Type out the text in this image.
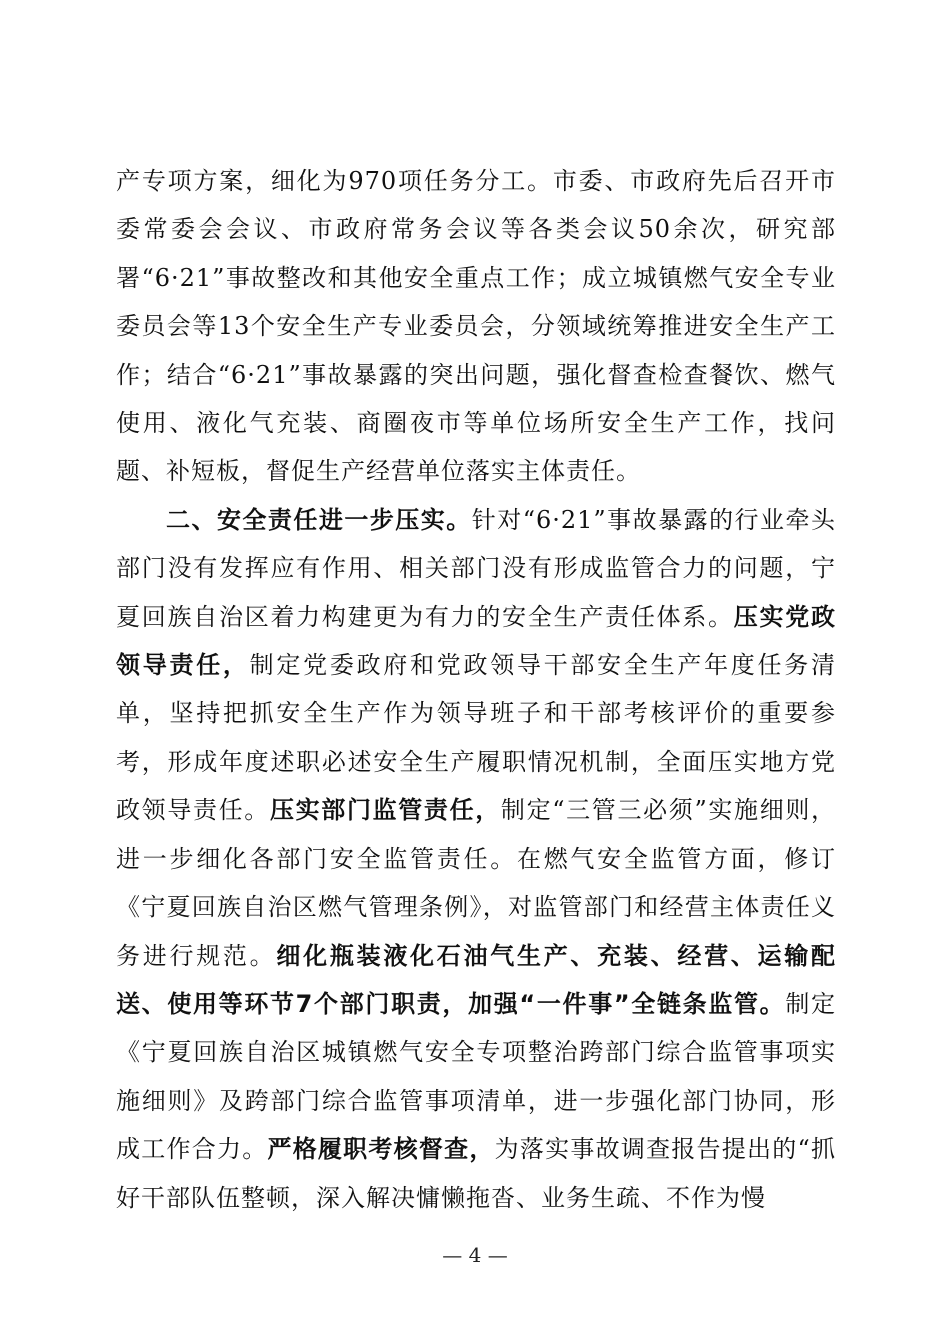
产专项方案，细化为970项任务分工。市委、市政府先后召开市委常委会会议、市政府常务会议等各类会议50余次，研究部署“6·21”事故整改和其他安全重点工作；成立城镇燃气安全专业委员会等13个安全生产专业委员会，分领域统筹推进安全生产工作；结合“6·21”事故暴露的突出问题，强化督查检查餐饮、燃气使用、液化气充装、商圈夜市等单位场所安全生产工作，找问题、补短板，督促生产经营单位落实主体责任。

二、安全责任进一步压实。针对“6·21”事故暴露的行业牵头部门没有发挥应有作用、相关部门没有形成监管合力的问题，宁夏回族自治区着力构建更为有力的安全生产责任体系。压实党政领导责任，制定党委政府和党政领导干部安全生产年度任务清单，坚持把抓安全生产作为领导班子和干部考核评价的重要参考，形成年度述职必述安全生产履职情况机制，全面压实地方党政领导责任。压实部门监管责任，制定“三管三必须”实施细则，进一步细化各部门安全监管责任。在燃气安全监管方面，修订《宁夏回族自治区燃气管理条例》，对监管部门和经营主体责任义务进行规范。细化瓶装液化石油气生产、充装、经营、运输配送、使用等环节7个部门职责，加强“一件事”全链条监管。制定《宁夏回族自治区城镇燃气安全专项整治跨部门综合监管事项实施细则》及跨部门综合监管事项清单，进一步强化部门协同，形成工作合力。严格履职考核督查，为落实事故调查报告提出的“抓好干部队伍整顿，深入解决慵懒拖沓、业务生疏、不作为慢

— 4 —
